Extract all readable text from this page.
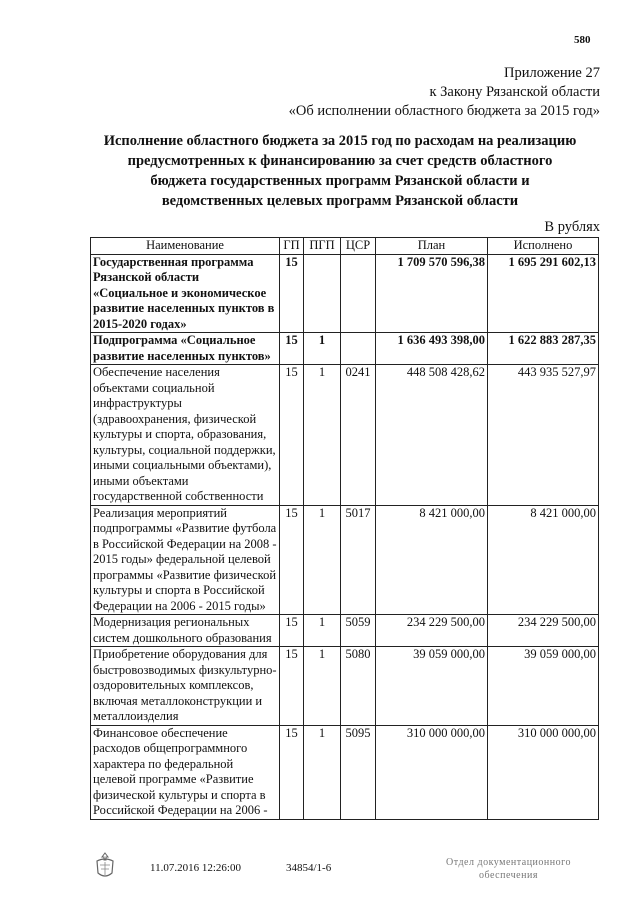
580
Приложение 27
к Закону Рязанской области
«Об исполнении областного бюджета за 2015 год»
Исполнение областного бюджета за 2015 год по расходам на реализацию
предусмотренных к финансированию за счет средств областного
бюджета государственных программ Рязанской области и
ведомственных целевых программ Рязанской области
В рублях
Наименование	ГП	ПГП	ЦСР	План	Исполнено
Государственная программа Рязанской области «Социальное и экономическое развитие населенных пунктов в 2015-2020 годах»	15			1 709 570 596,38	1 695 291 602,13
Подпрограмма «Социальное развитие населенных пунктов»	15	1		1 636 493 398,00	1 622 883 287,35
Обеспечение населения объектами социальной инфраструктуры (здравоохранения, физической культуры и спорта, образования, культуры, социальной поддержки, иными социальными объектами), иными объектами государственной собственности	15	1	0241	448 508 428,62	443 935 527,97
Реализация мероприятий подпрограммы «Развитие футбола в Российской Федерации на 2008 - 2015 годы» федеральной целевой программы «Развитие физической культуры и спорта в Российской Федерации на 2006 - 2015 годы»	15	1	5017	8 421 000,00	8 421 000,00
Модернизация региональных систем дошкольного образования	15	1	5059	234 229 500,00	234 229 500,00
Приобретение оборудования для быстровозводимых физкультурно-оздоровительных комплексов, включая металлоконструкции и металлоизделия	15	1	5080	39 059 000,00	39 059 000,00
Финансовое обеспечение расходов общепрограммного характера по федеральной целевой программе «Развитие физической культуры и спорта в Российской Федерации на 2006 -	15	1	5095	310 000 000,00	310 000 000,00
11.07.2016 12:26:00	34854/1-6	Отдел документационного
обеспечения
